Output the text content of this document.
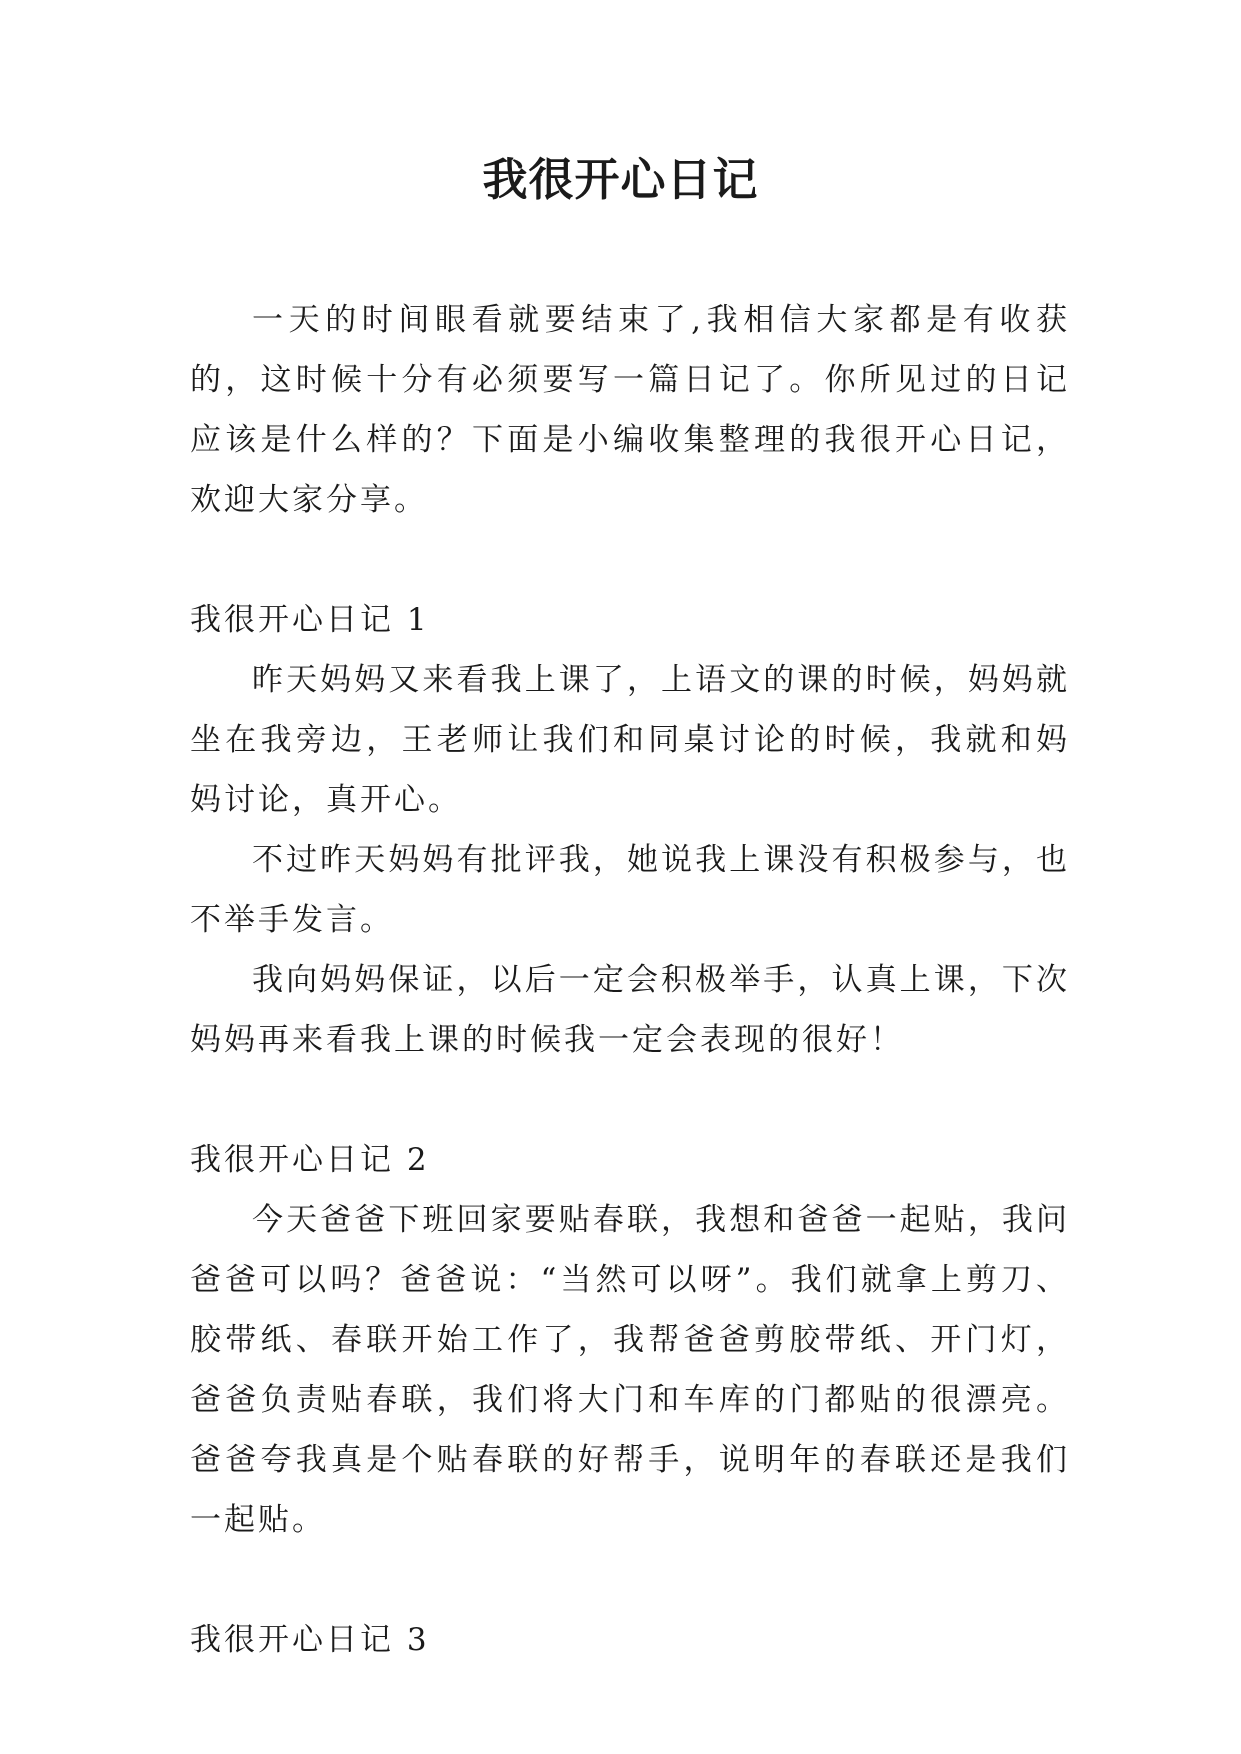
我很开心日记

一天的时间眼看就要结束了,我相信大家都是有收获的，这时候十分有必须要写一篇日记了。你所见过的日记应该是什么样的？下面是小编收集整理的我很开心日记，欢迎大家分享。

我很开心日记 1

昨天妈妈又来看我上课了，上语文的课的时候，妈妈就坐在我旁边，王老师让我们和同桌讨论的时候，我就和妈妈讨论，真开心。

不过昨天妈妈有批评我，她说我上课没有积极参与，也不举手发言。

我向妈妈保证，以后一定会积极举手，认真上课，下次妈妈再来看我上课的时候我一定会表现的很好！

我很开心日记 2

今天爸爸下班回家要贴春联，我想和爸爸一起贴，我问爸爸可以吗？爸爸说：“当然可以呀”。我们就拿上剪刀、胶带纸、春联开始工作了，我帮爸爸剪胶带纸、开门灯，爸爸负责贴春联，我们将大门和车库的门都贴的很漂亮。爸爸夸我真是个贴春联的好帮手，说明年的春联还是我们一起贴。

我很开心日记 3
